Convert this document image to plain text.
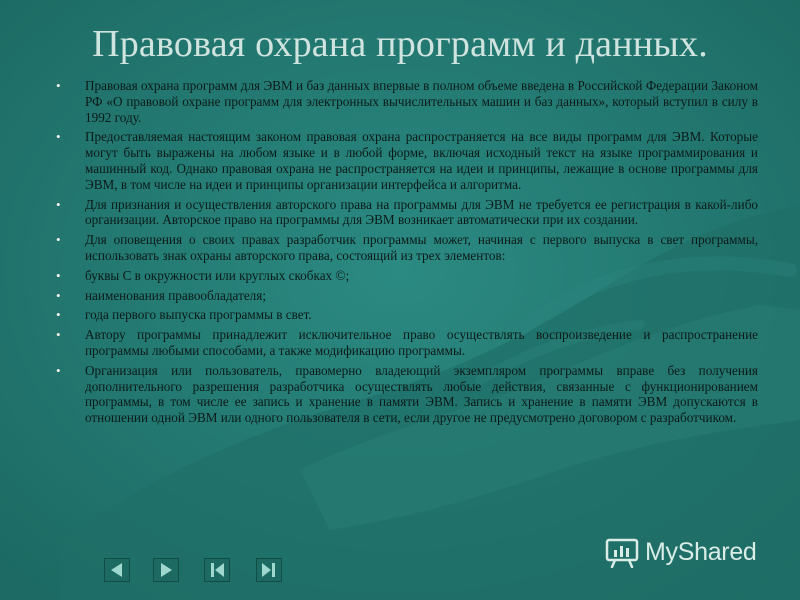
Правовая охрана программ и данных.
• Правовая охрана программ для ЭВМ и баз данных впервые в полном объеме введена в Российской Федерации Законом РФ «О правовой охране программ для электронных вычислительных машин и баз данных», который вступил в силу в 1992 году.
• Предоставляемая настоящим законом правовая охрана распространяется на все виды программ для ЭВМ. Которые могут быть выражены на любом языке и в любой форме, включая исходный текст на языке программирования и машинный код. Однако правовая охрана не распространяется на идеи и принципы, лежащие в основе программы для ЭВМ, в том числе на идеи и принципы организации интерфейса и алгоритма.
• Для признания и осуществления авторского права на программы для ЭВМ не требуется ее регистрация в какой-либо организации. Авторское право на программы для ЭВМ возникает автоматически при их создании.
• Для оповещения о своих правах разработчик программы может, начиная с первого выпуска в свет программы, использовать знак охраны авторского права, состоящий из трех элементов:
• буквы С в окружности или круглых скобках ©;
• наименования правообладателя;
• года первого выпуска программы в свет.
• Автору программы принадлежит исключительное право осуществлять воспроизведение и распространение программы любыми способами, а также модификацию программы.
• Организация или пользователь, правомерно владеющий экземпляром программы вправе без получения дополнительного разрешения разработчика осуществлять любые действия, связанные с функционированием программы, в том числе ее запись и хранение в памяти ЭВМ. Запись и хранение в памяти ЭВМ допускаются в отношении одной ЭВМ или одного пользователя в сети, если другое не предусмотрено договором с разработчиком.
MyShared
